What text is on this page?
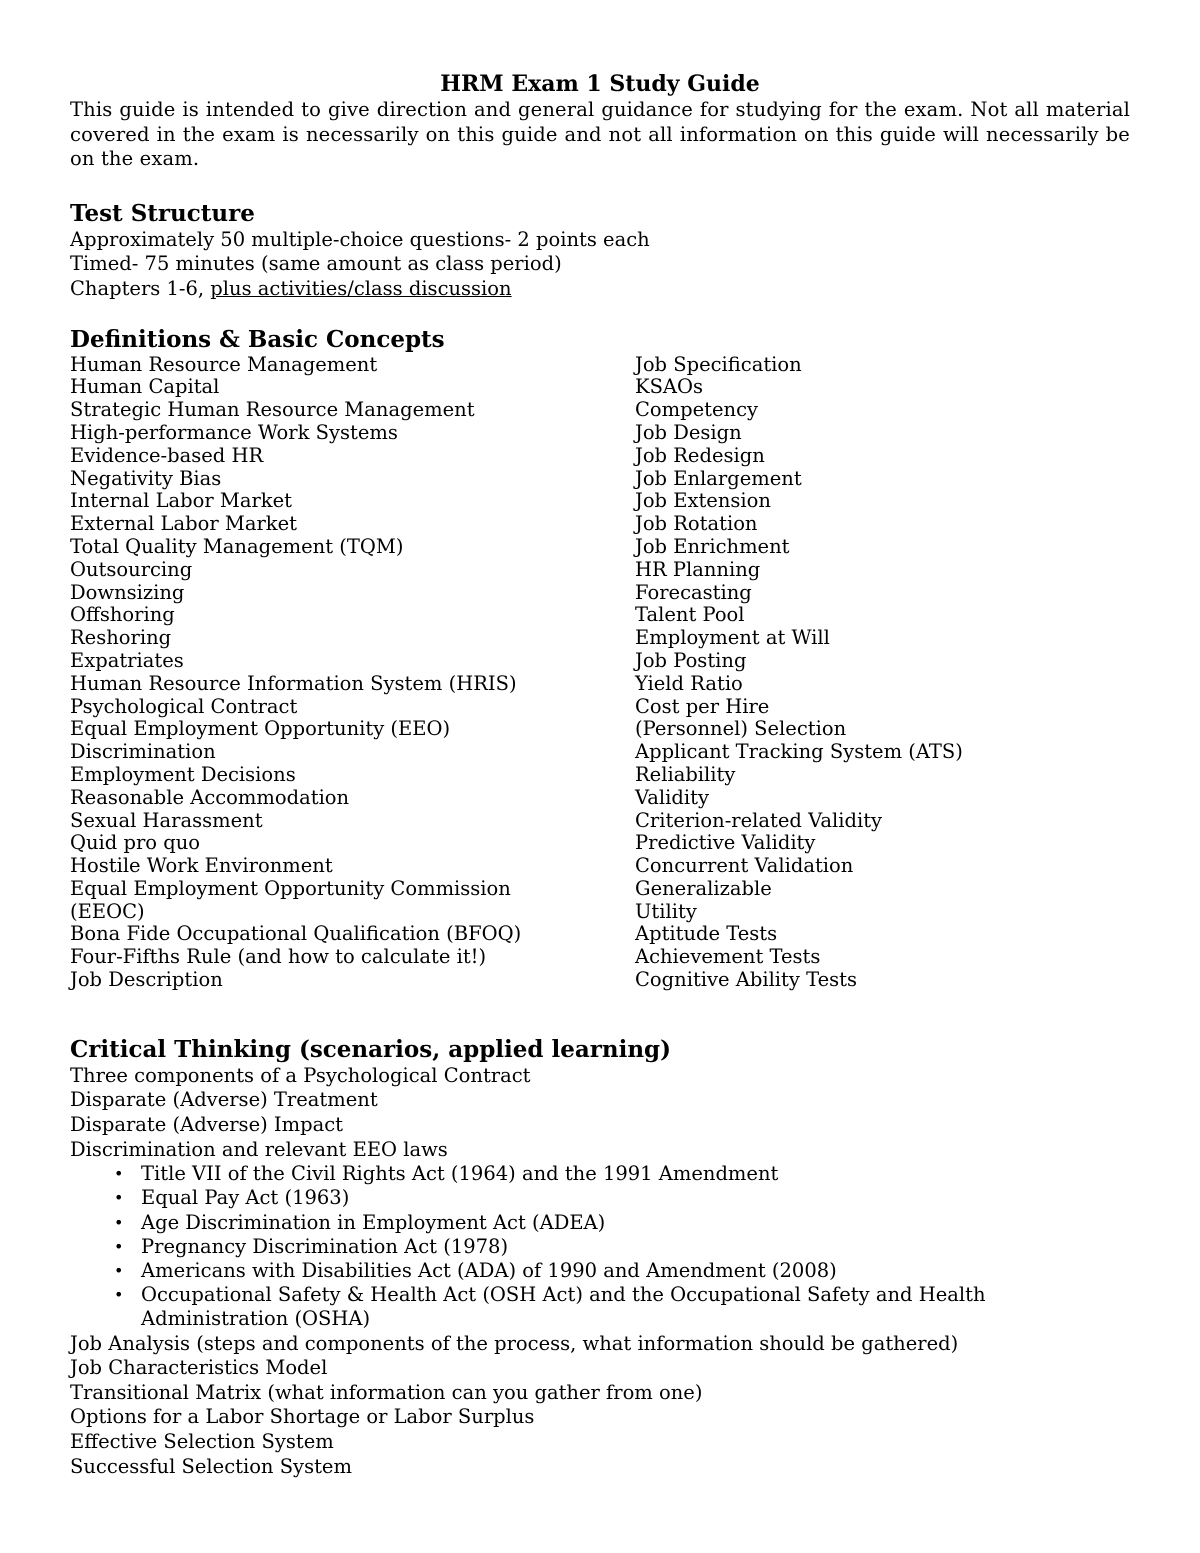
HRM Exam 1 Study Guide

This guide is intended to give direction and general guidance for studying for the exam. Not all material covered in the exam is necessarily on this guide and not all information on this guide will necessarily be on the exam.

Test Structure

Approximately 50 multiple-choice questions- 2 points each

Timed- 75 minutes (same amount as class period)

Chapters 1-6, plus activities/class discussion

Definitions & Basic Concepts

Human Resource Management

Human Capital

Strategic Human Resource Management

High-performance Work Systems

Evidence-based HR

Negativity Bias

Internal Labor Market

External Labor Market

Total Quality Management (TQM)

Outsourcing

Downsizing

Offshoring

Reshoring

Expatriates

Human Resource Information System (HRIS)

Psychological Contract

Equal Employment Opportunity (EEO)

Discrimination

Employment Decisions

Reasonable Accommodation

Sexual Harassment

Quid pro quo

Hostile Work Environment

Equal Employment Opportunity Commission

(EEOC)

Bona Fide Occupational Qualification (BFOQ)

Four-Fifths Rule (and how to calculate it!)

Job Description

Job Specification

KSAOs

Competency

Job Design

Job Redesign

Job Enlargement

Job Extension

Job Rotation

Job Enrichment

HR Planning

Forecasting

Talent Pool

Employment at Will

Job Posting

Yield Ratio

Cost per Hire

(Personnel) Selection

Applicant Tracking System (ATS)

Reliability

Validity

Criterion-related Validity

Predictive Validity

Concurrent Validation

Generalizable

Utility

Aptitude Tests

Achievement Tests

Cognitive Ability Tests

Critical Thinking (scenarios, applied learning)

Three components of a Psychological Contract

Disparate (Adverse) Treatment

Disparate (Adverse) Impact

Discrimination and relevant EEO laws

• Title VII of the Civil Rights Act (1964) and the 1991 Amendment
• Equal Pay Act (1963)
• Age Discrimination in Employment Act (ADEA)
• Pregnancy Discrimination Act (1978)
• Americans with Disabilities Act (ADA) of 1990 and Amendment (2008)
• Occupational Safety & Health Act (OSH Act) and the Occupational Safety and Health Administration (OSHA)

Job Analysis (steps and components of the process, what information should be gathered)

Job Characteristics Model

Transitional Matrix (what information can you gather from one)

Options for a Labor Shortage or Labor Surplus

Effective Selection System

Successful Selection System
